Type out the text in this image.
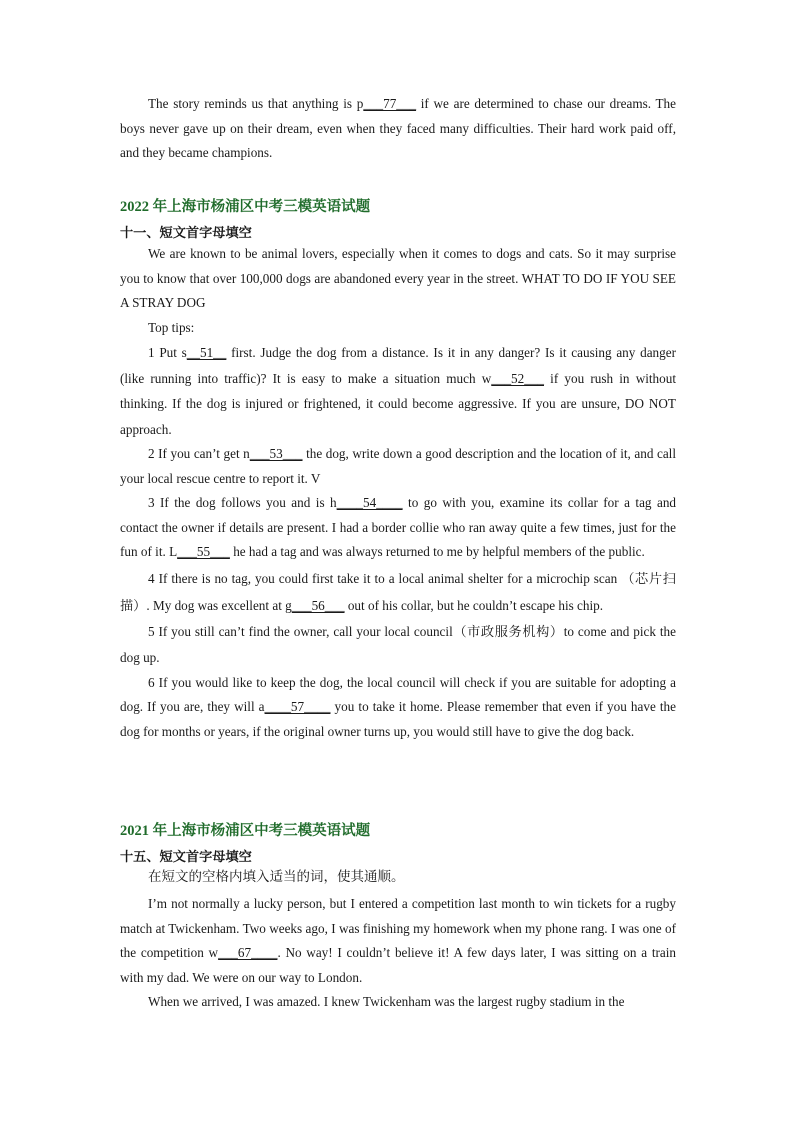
The story reminds us that anything is p___77___ if we are determined to chase our dreams. The boys never gave up on their dream, even when they faced many difficulties. Their hard work paid off, and they became champions.

2022 年上海市杨浦区中考三模英语试题

十一、短文首字母填空

We are known to be animal lovers, especially when it comes to dogs and cats. So it may surprise you to know that over 100,000 dogs are abandoned every year in the street. WHAT TO DO IF YOU SEE A STRAY DOG

Top tips:

1 Put s__51__ first. Judge the dog from a distance. Is it in any danger? Is it causing any danger (like running into traffic)? It is easy to make a situation much w___52___ if you rush in without thinking. If the dog is injured or frightened, it could become aggressive. If you are unsure, DO NOT approach.

2 If you can’t get n___53___ the dog, write down a good description and the location of it, and call your local rescue centre to report it. V

3 If the dog follows you and is h____54____ to go with you, examine its collar for a tag and contact the owner if details are present. I had a border collie who ran away quite a few times, just for the fun of it. L___55___ he had a tag and was always returned to me by helpful members of the public.

4 If there is no tag, you could first take it to a local animal shelter for a microchip scan （芯片扫描）. My dog was excellent at g___56___ out of his collar, but he couldn’t escape his chip.

5 If you still can’t find the owner, call your local council（市政服务机构）to come and pick the dog up.

6 If you would like to keep the dog, the local council will check if you are suitable for adopting a dog. If you are, they will a____57____ you to take it home. Please remember that even if you have the dog for months or years, if the original owner turns up, you would still have to give the dog back.

2021 年上海市杨浦区中考三模英语试题

十五、短文首字母填空

在短文的空格内填入适当的词，使其通顺。

I’m not normally a lucky person, but I entered a competition last month to win tickets for a rugby match at Twickenham. Two weeks ago, I was finishing my homework when my phone rang. I was one of the competition w___67____. No way! I couldn’t believe it! A few days later, I was sitting on a train with my dad. We were on our way to London.

When we arrived, I was amazed. I knew Twickenham was the largest rugby stadium in the
